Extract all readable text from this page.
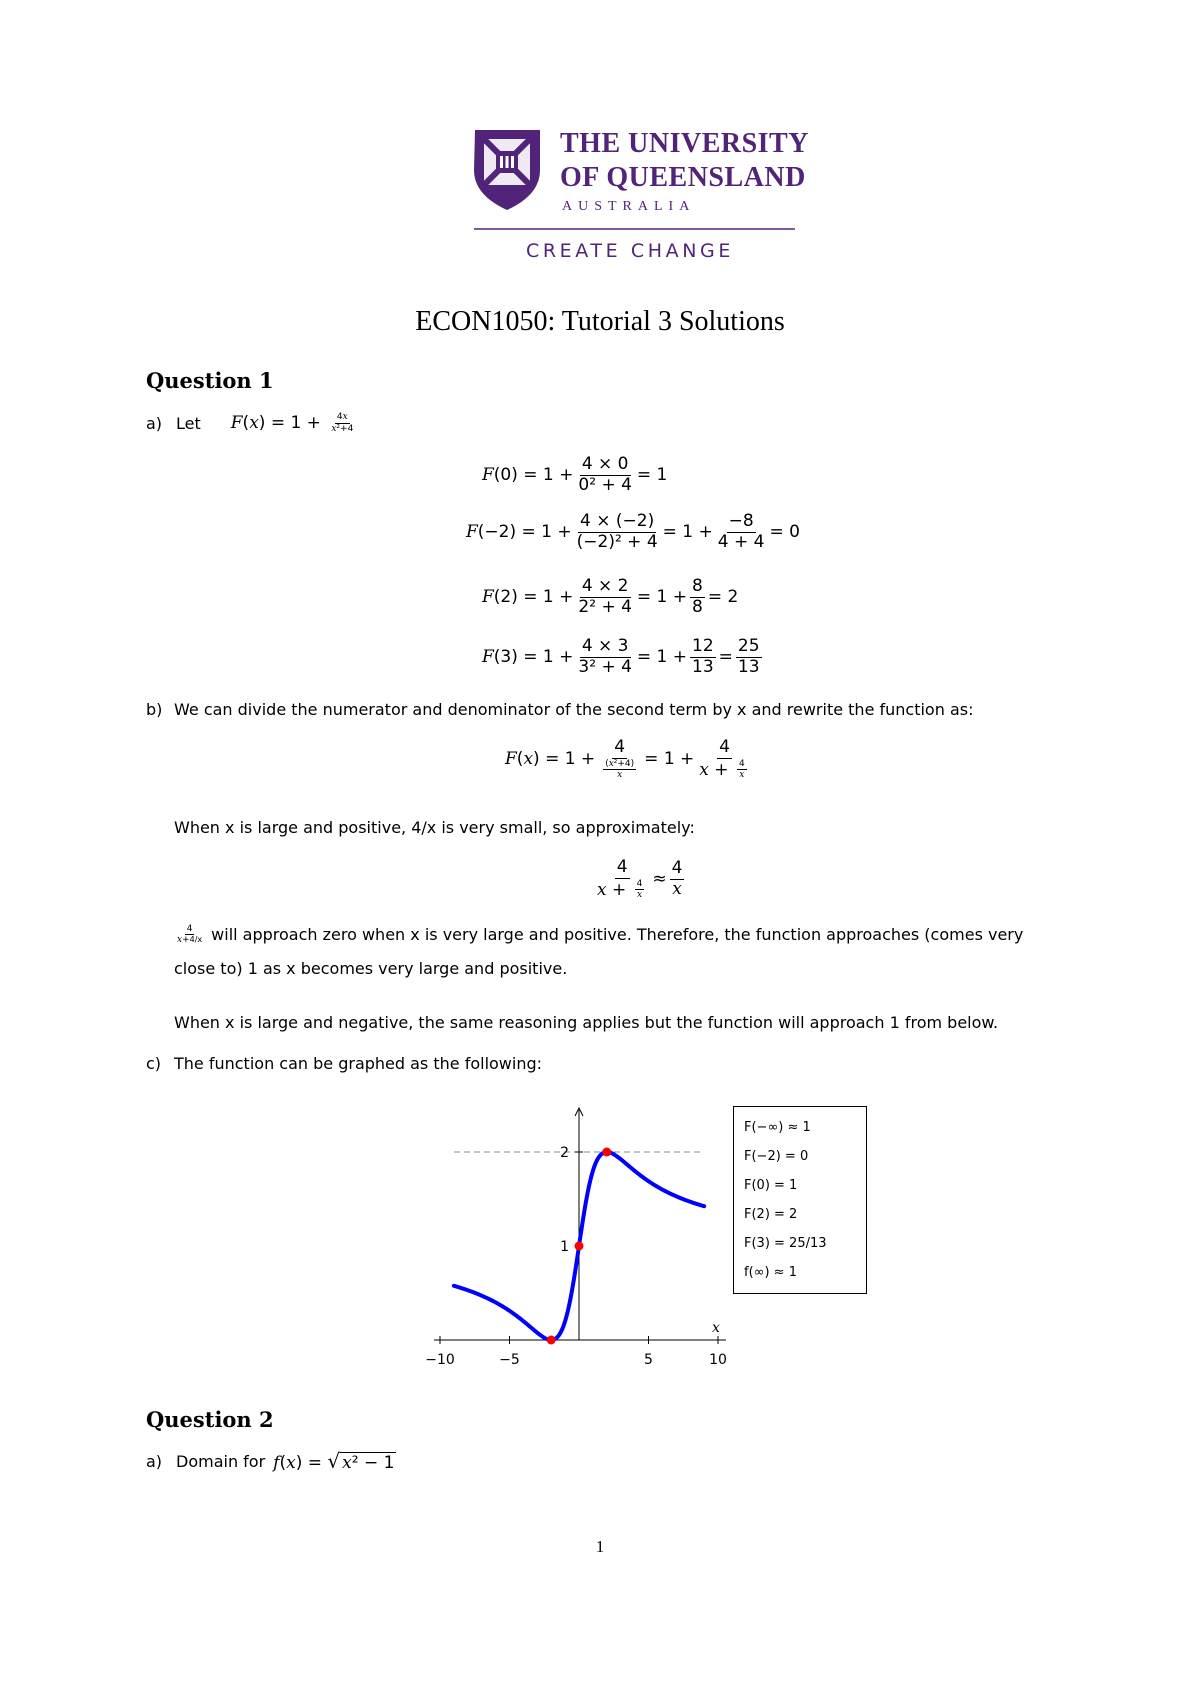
THE UNIVERSITY
OF QUEENSLAND
AUSTRALIA
CREATE CHANGE
ECON1050: Tutorial 3 Solutions
Question 1
a) Let $F(x) = 1 + \frac{4x}{\text{x²+4}}$
F $(0) = 1 + \frac{4 \times 0}{\text{0² + 4}} = 1$
F $(-2) = 1 + \frac{4 \times (-2)}{\text{(−2)² + 4}} = 1 + \frac{-8}{4 + 4} = 0$
F $(2) = 1 + \frac{4 \times 2}{\text{2² + 4}} = 1 + \frac{8}{8} = 2$
F $(3) = 1 + \frac{4 \times 3}{\text{3² + 4}} = 1 + \frac{12}{13} = \frac{25}{13}$
b) We can divide the numerator and denominator of the second term by x and rewrite the function as:
F ( x ) = $1 + \frac{4}{\frac{\text{(x²+4)}}{x}} = 1 + \frac{4}{x + \frac{4}{x}}$
When x is large and positive, 4/x is very small, so approximately:
$\frac{4}{x + \frac{4}{x}} \approx \frac{4}{x}$
$\frac{4}{x+4/x}$ will approach zero when x is very large and positive. Therefore, the function approaches (comes very
close to) 1 as x becomes very large and positive.
When x is large and negative, the same reasoning applies but the function will approach 1 from below.
c) The function can be graphed as the following:
−10	−5	5	10
1
2
x
F(−∞) ≈ 1
F(−2) = 0
F(0) = 1
F(2) = 2
F(3) = 25/13
f(∞) ≈ 1
Question 2
a) Domain for f(x) = √ x² − 1
1
